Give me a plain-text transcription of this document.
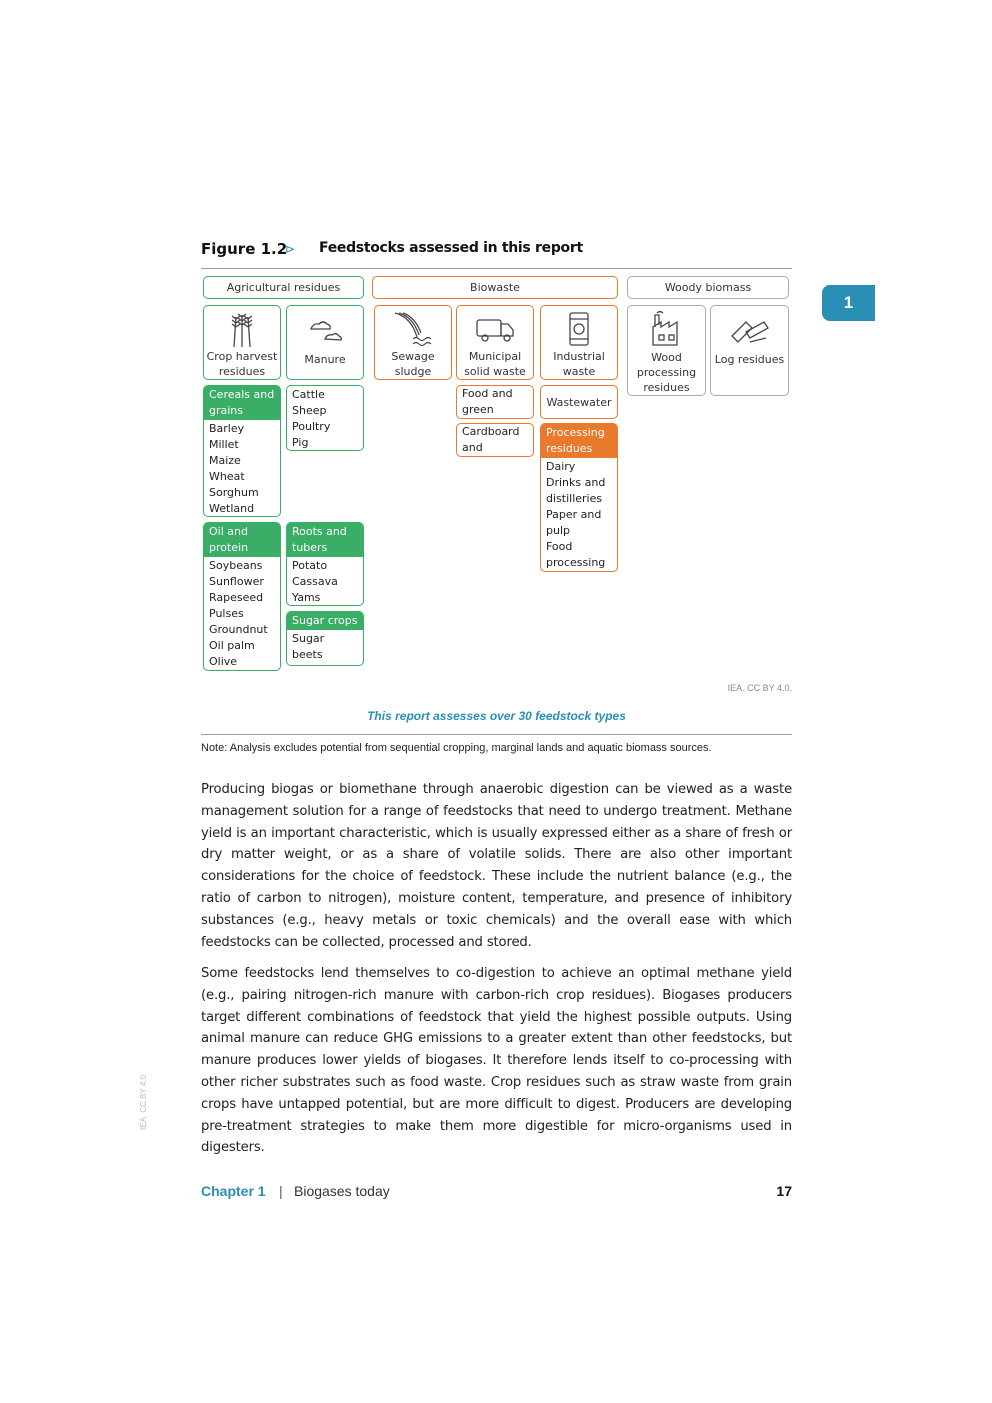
Figure 1.2
⊳ Feedstocks assessed in this report
1
Agricultural residues	Biowaste	Woody biomass
Crop harvest residues
Manure	Sewage sludge
Municipal solid waste
Industrial waste
Wood processing residues
Log residues
Cereals and grains
Barley
Millet
Maize
Wheat
Sorghum
Wetland
Cattle
Sheep
Poultry
Pig
Oil and protein
Soybeans
Sunflower
Rapeseed
Pulses
Groundnut
Oil palm
Olive
Roots and tubers
Potato
Cassava
Yams
Sugar crops
Sugar beets
Food and green
Cardboard and
Wastewater
Processing residues
Dairy
Drinks and distilleries
Paper and pulp
Food processing
IEA. CC BY 4.0.
This report assesses over 30 feedstock types
Note: Analysis excludes potential from sequential cropping, marginal lands and aquatic biomass sources.
Producing biogas or biomethane through anaerobic digestion can be viewed as a waste management solution for a range of feedstocks that need to undergo treatment. Methane yield is an important characteristic, which is usually expressed either as a share of fresh or dry matter weight, or as a share of volatile solids. There are also other important considerations for the choice of feedstock. These include the nutrient balance (e.g., the ratio of carbon to nitrogen), moisture content, temperature, and presence of inhibitory substances (e.g., heavy metals or toxic chemicals) and the overall ease with which feedstocks can be collected, processed and stored.
Some feedstocks lend themselves to co-digestion to achieve an optimal methane yield (e.g., pairing nitrogen-rich manure with carbon-rich crop residues). Biogases producers target different combinations of feedstock that yield the highest possible outputs. Using animal manure can reduce GHG emissions to a greater extent than other feedstocks, but manure produces lower yields of biogases. It therefore lends itself to co-processing with other richer substrates such as food waste. Crop residues such as straw waste from grain crops have untapped potential, but are more difficult to digest. Producers are developing pre-treatment strategies to make them more digestible for micro-organisms used in digesters.
IEA. CC BY 4.0.
Chapter 1 | Biogases today	17
